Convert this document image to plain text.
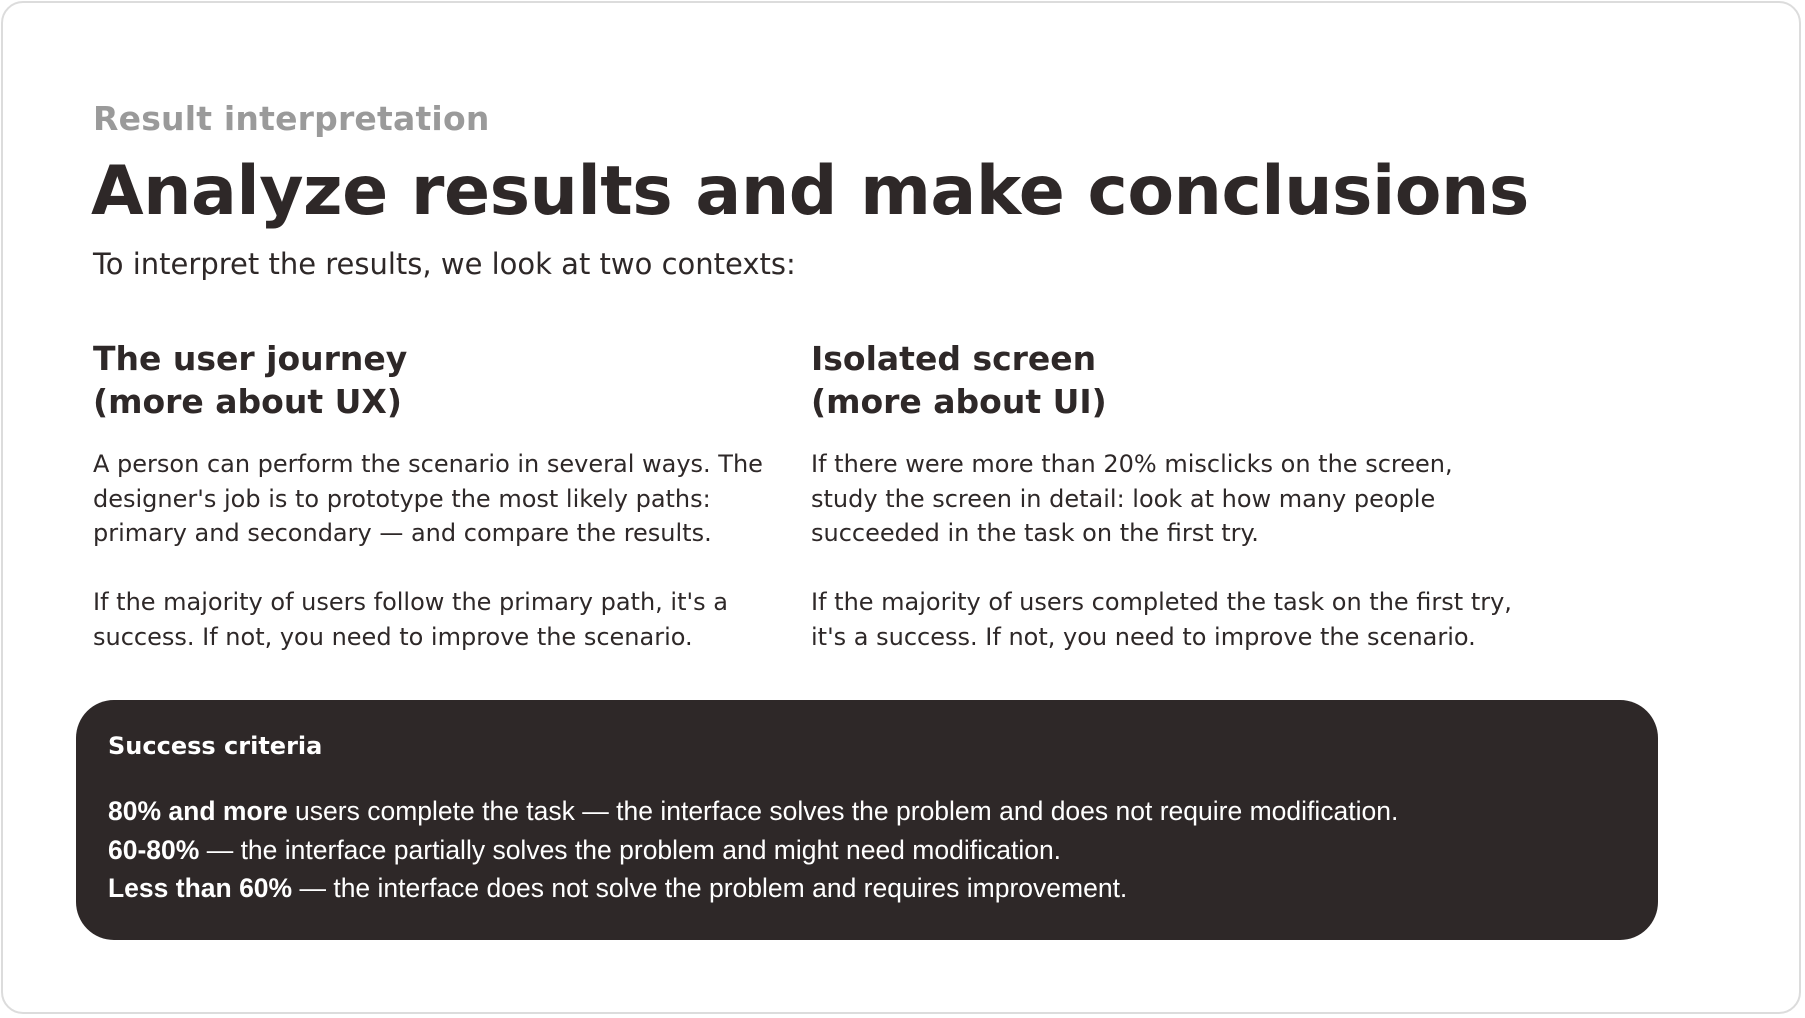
Result interpretation
Analyze results and make conclusions
To interpret the results, we look at two contexts:
The user journey
(more about UX)
A person can perform the scenario in several ways. The
designer's job is to prototype the most likely paths:
primary and secondary — and compare the results.
If the majority of users follow the primary path, it's a
success. If not, you need to improve the scenario.
Isolated screen
(more about UI)
If there were more than 20% misclicks on the screen,
study the screen in detail: look at how many people
succeeded in the task on the first try.
If the majority of users completed the task on the first try,
it's a success. If not, you need to improve the scenario.
Success criteria
80% and more users complete the task — the interface solves the problem and does not require modification.
60-80% — the interface partially solves the problem and might need modification.
Less than 60% — the interface does not solve the problem and requires improvement.
